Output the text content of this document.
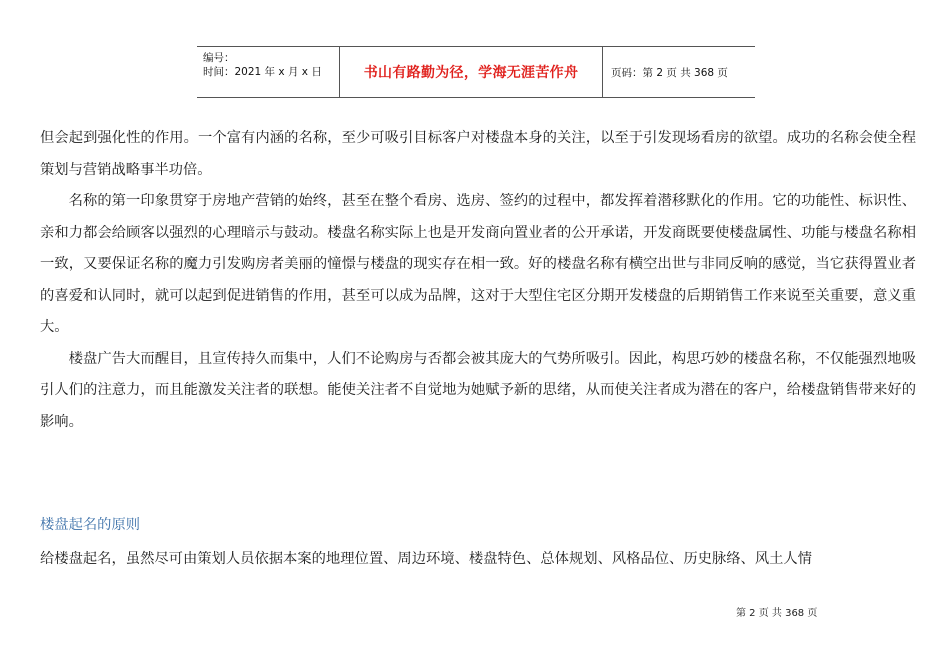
编号：
时间：2021 年 x 月 x 日	书山有路勤为径，学海无涯苦作舟	页码：第 2 页 共 368 页

但会起到强化性的作用。一个富有内涵的名称，至少可吸引目标客户对楼盘本身的关注，以至于引发现场看房的欲望。成功的名称会使全程策划与营销战略事半功倍。

名称的第一印象贯穿于房地产营销的始终，甚至在整个看房、选房、签约的过程中，都发挥着潜移默化的作用。它的功能性、标识性、亲和力都会给顾客以强烈的心理暗示与鼓动。楼盘名称实际上也是开发商向置业者的公开承诺，开发商既要使楼盘属性、功能与楼盘名称相一致，又要保证名称的魔力引发购房者美丽的憧憬与楼盘的现实存在相一致。好的楼盘名称有横空出世与非同反响的感觉，当它获得置业者的喜爱和认同时，就可以起到促进销售的作用，甚至可以成为品牌，这对于大型住宅区分期开发楼盘的后期销售工作来说至关重要，意义重大。

楼盘广告大而醒目，且宣传持久而集中，人们不论购房与否都会被其庞大的气势所吸引。因此，构思巧妙的楼盘名称，不仅能强烈地吸引人们的注意力，而且能激发关注者的联想。能使关注者不自觉地为她赋予新的思绪，从而使关注者成为潜在的客户，给楼盘销售带来好的影响。

楼盘起名的原则
给楼盘起名，虽然尽可由策划人员依据本案的地理位置、周边环境、楼盘特色、总体规划、风格品位、历史脉络、风土人情
第 2 页 共 368 页
